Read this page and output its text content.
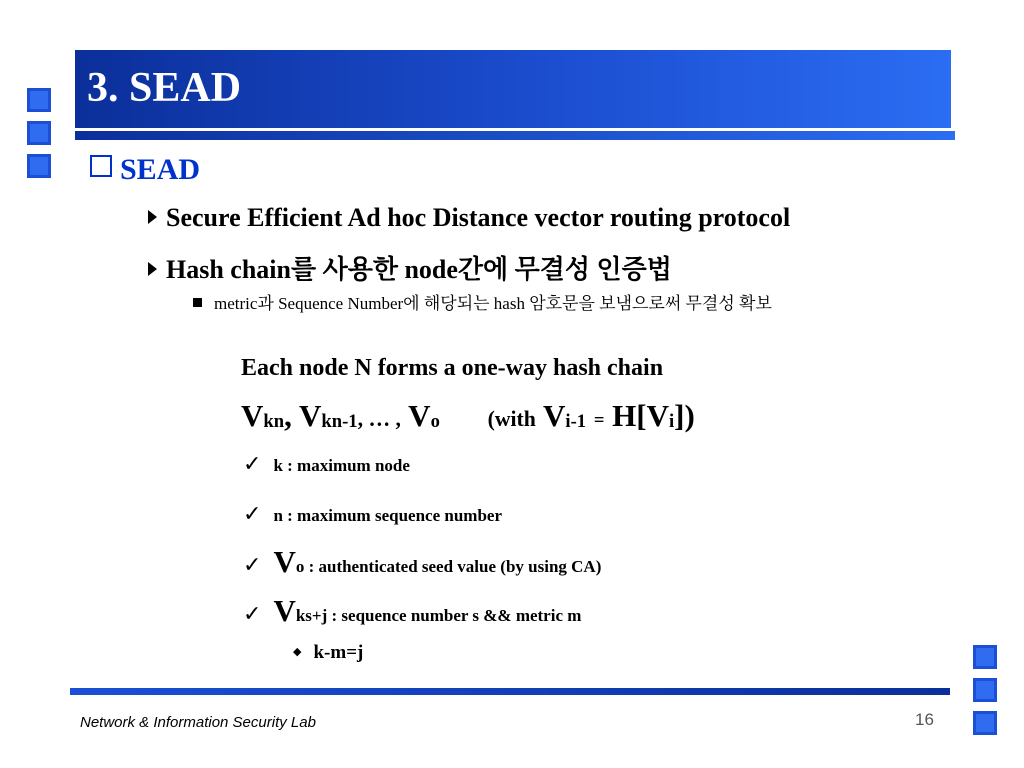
3. SEAD
SEAD
Secure Efficient Ad hoc Distance vector routing protocol
Hash chain를 사용한 node간에 무결성 인증법
metric과 Sequence Number에 해당되는 hash 암호문을 보냄으로써 무결성 확보
Each node N forms a one-way hash chain
$V_{kn}$, $V_{kn-1}$, … , $V_o$ (with $V_{i-1} = H[V_i]$)
✓ k : maximum node
✓ n : maximum sequence number
✓ Vo : authenticated seed value (by using CA)
✓ Vks+j : sequence number s && metric m
◆ k-m=j
Network & Information Security Lab	16
